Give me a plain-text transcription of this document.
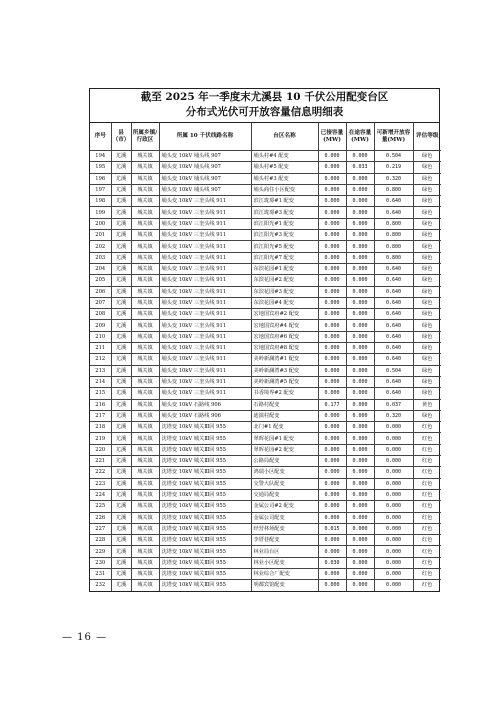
截至 2025 年一季度末尤溪县 10 千伏公用配变台区
分布式光伏可开放容量信息明细表
序号	县（市）	所属乡镇/行政区	所属 10 千伏线路名称	台区名称	已接容量(MW)	在途容量(MW)	可新增开放容量(MW)	评估等级
194	尤溪	城关镇	埔头变 10kV 埔头线 907	埔头村#4 配变	0.000	0.000	0.504	绿色
195	尤溪	城关镇	埔头变 10kV 埔头线 907	埔头村#5 配变	0.000	0.033	0.219	绿色
196	尤溪	城关镇	埔头变 10kV 埔头线 907	埔头村#3 配变	0.000	0.000	0.320	绿色
197	尤溪	城关镇	埔头变 10kV 埔头线 907	埔头商住小区配变	0.000	0.000	0.800	绿色
198	尤溪	城关镇	埔头变 10kV 三奎头线 911	滨江珑璟#1 配变	0.000	0.000	0.640	绿色
199	尤溪	城关镇	埔头变 10kV 三奎头线 911	滨江珑璟#3 配变	0.000	0.000	0.640	绿色
200	尤溪	城关镇	埔头变 10kV 三奎头线 911	滨江阳光#1 配变	0.000	0.000	0.800	绿色
201	尤溪	城关镇	埔头变 10kV 三奎头线 911	滨江阳光#3 配变	0.000	0.000	0.800	绿色
202	尤溪	城关镇	埔头变 10kV 三奎头线 911	滨江阳光#5 配变	0.000	0.000	0.800	绿色
203	尤溪	城关镇	埔头变 10kV 三奎头线 911	滨江阳光#7 配变	0.000	0.000	0.800	绿色
204	尤溪	城关镇	埔头变 10kV 三奎头线 911	东滨花园#1 配变	0.000	0.000	0.640	绿色
205	尤溪	城关镇	埔头变 10kV 三奎头线 911	东滨花园#2 配变	0.000	0.000	0.640	绿色
206	尤溪	城关镇	埔头变 10kV 三奎头线 911	东滨花园#3 配变	0.000	0.000	0.640	绿色
207	尤溪	城关镇	埔头变 10kV 三奎头线 911	东滨花园#4 配变	0.000	0.000	0.640	绿色
208	尤溪	城关镇	埔头变 10kV 三奎头线 911	宏地国宾府#2 配变	0.000	0.000	0.640	绿色
209	尤溪	城关镇	埔头变 10kV 三奎头线 911	宏地国宾府#4 配变	0.000	0.000	0.640	绿色
210	尤溪	城关镇	埔头变 10kV 三奎头线 911	宏地国宾府#6 配变	0.000	0.000	0.640	绿色
211	尤溪	城关镇	埔头变 10kV 三奎头线 911	宏地国宾府#8 配变	0.000	0.000	0.640	绿色
212	尤溪	城关镇	埔头变 10kV 三奎头线 911	美岭新澜湾#1 配变	0.000	0.000	0.640	绿色
213	尤溪	城关镇	埔头变 10kV 三奎头线 911	美岭新澜湾#3 配变	0.000	0.000	0.504	绿色
214	尤溪	城关镇	埔头变 10kV 三奎头线 911	美岭新澜湾#5 配变	0.000	0.000	0.640	绿色
215	尤溪	城关镇	埔头变 10kV 三奎头线 911	书香境界#2 配变	0.000	0.000	0.640	绿色
216	尤溪	城关镇	埔头变 10kV 石路线 906	石路村配变	0.177	0.000	0.037	黄色
217	尤溪	城关镇	埔头变 10kV 石路线 906	迪演村配变	0.000	0.000	0.320	绿色
218	尤溪	城关镇	沈塔变 10kV 城关Ⅲ回 955	北门#1 配变	0.000	0.000	0.000	红色
219	尤溪	城关镇	沈塔变 10kV 城关Ⅲ回 955	翠晖花园#1 配变	0.000	0.000	0.000	红色
220	尤溪	城关镇	沈塔变 10kV 城关Ⅲ回 955	翠晖花园#2 配变	0.000	0.000	0.000	红色
221	尤溪	城关镇	沈塔变 10kV 城关Ⅲ回 955	公路局配变	0.000	0.000	0.000	红色
222	尤溪	城关镇	沈塔变 10kV 城关Ⅲ回 955	鸿瑞小区配变	0.000	0.000	0.000	红色
223	尤溪	城关镇	沈塔变 10kV 城关Ⅲ回 955	交警大队配变	0.000	0.000	0.000	红色
224	尤溪	城关镇	沈塔变 10kV 城关Ⅲ回 955	交通局配变	0.000	0.000	0.000	红色
225	尤溪	城关镇	沈塔变 10kV 城关Ⅲ回 955	金属公司#2 配变	0.000	0.000	0.000	红色
226	尤溪	城关镇	沈塔变 10kV 城关Ⅲ回 955	金属公司配变	0.000	0.000	0.000	红色
227	尤溪	城关镇	沈塔变 10kV 城关Ⅲ回 955	经营林场配变	0.015	0.000	0.000	红色
228	尤溪	城关镇	沈塔变 10kV 城关Ⅲ回 955	李厝巷配变	0.000	0.000	0.000	红色
229	尤溪	城关镇	沈塔变 10kV 城关Ⅲ回 955	林业局台区	0.000	0.000	0.000	红色
230	尤溪	城关镇	沈塔变 10kV 城关Ⅲ回 955	林业小区配变	0.030	0.000	0.000	红色
231	尤溪	城关镇	沈塔变 10kV 城关Ⅲ回 955	林业综合厂配变	0.000	0.000	0.000	红色
232	尤溪	城关镇	沈塔变 10kV 城关Ⅲ回 955	明都宾馆配变	0.000	0.000	0.000	红色
— 16 —
